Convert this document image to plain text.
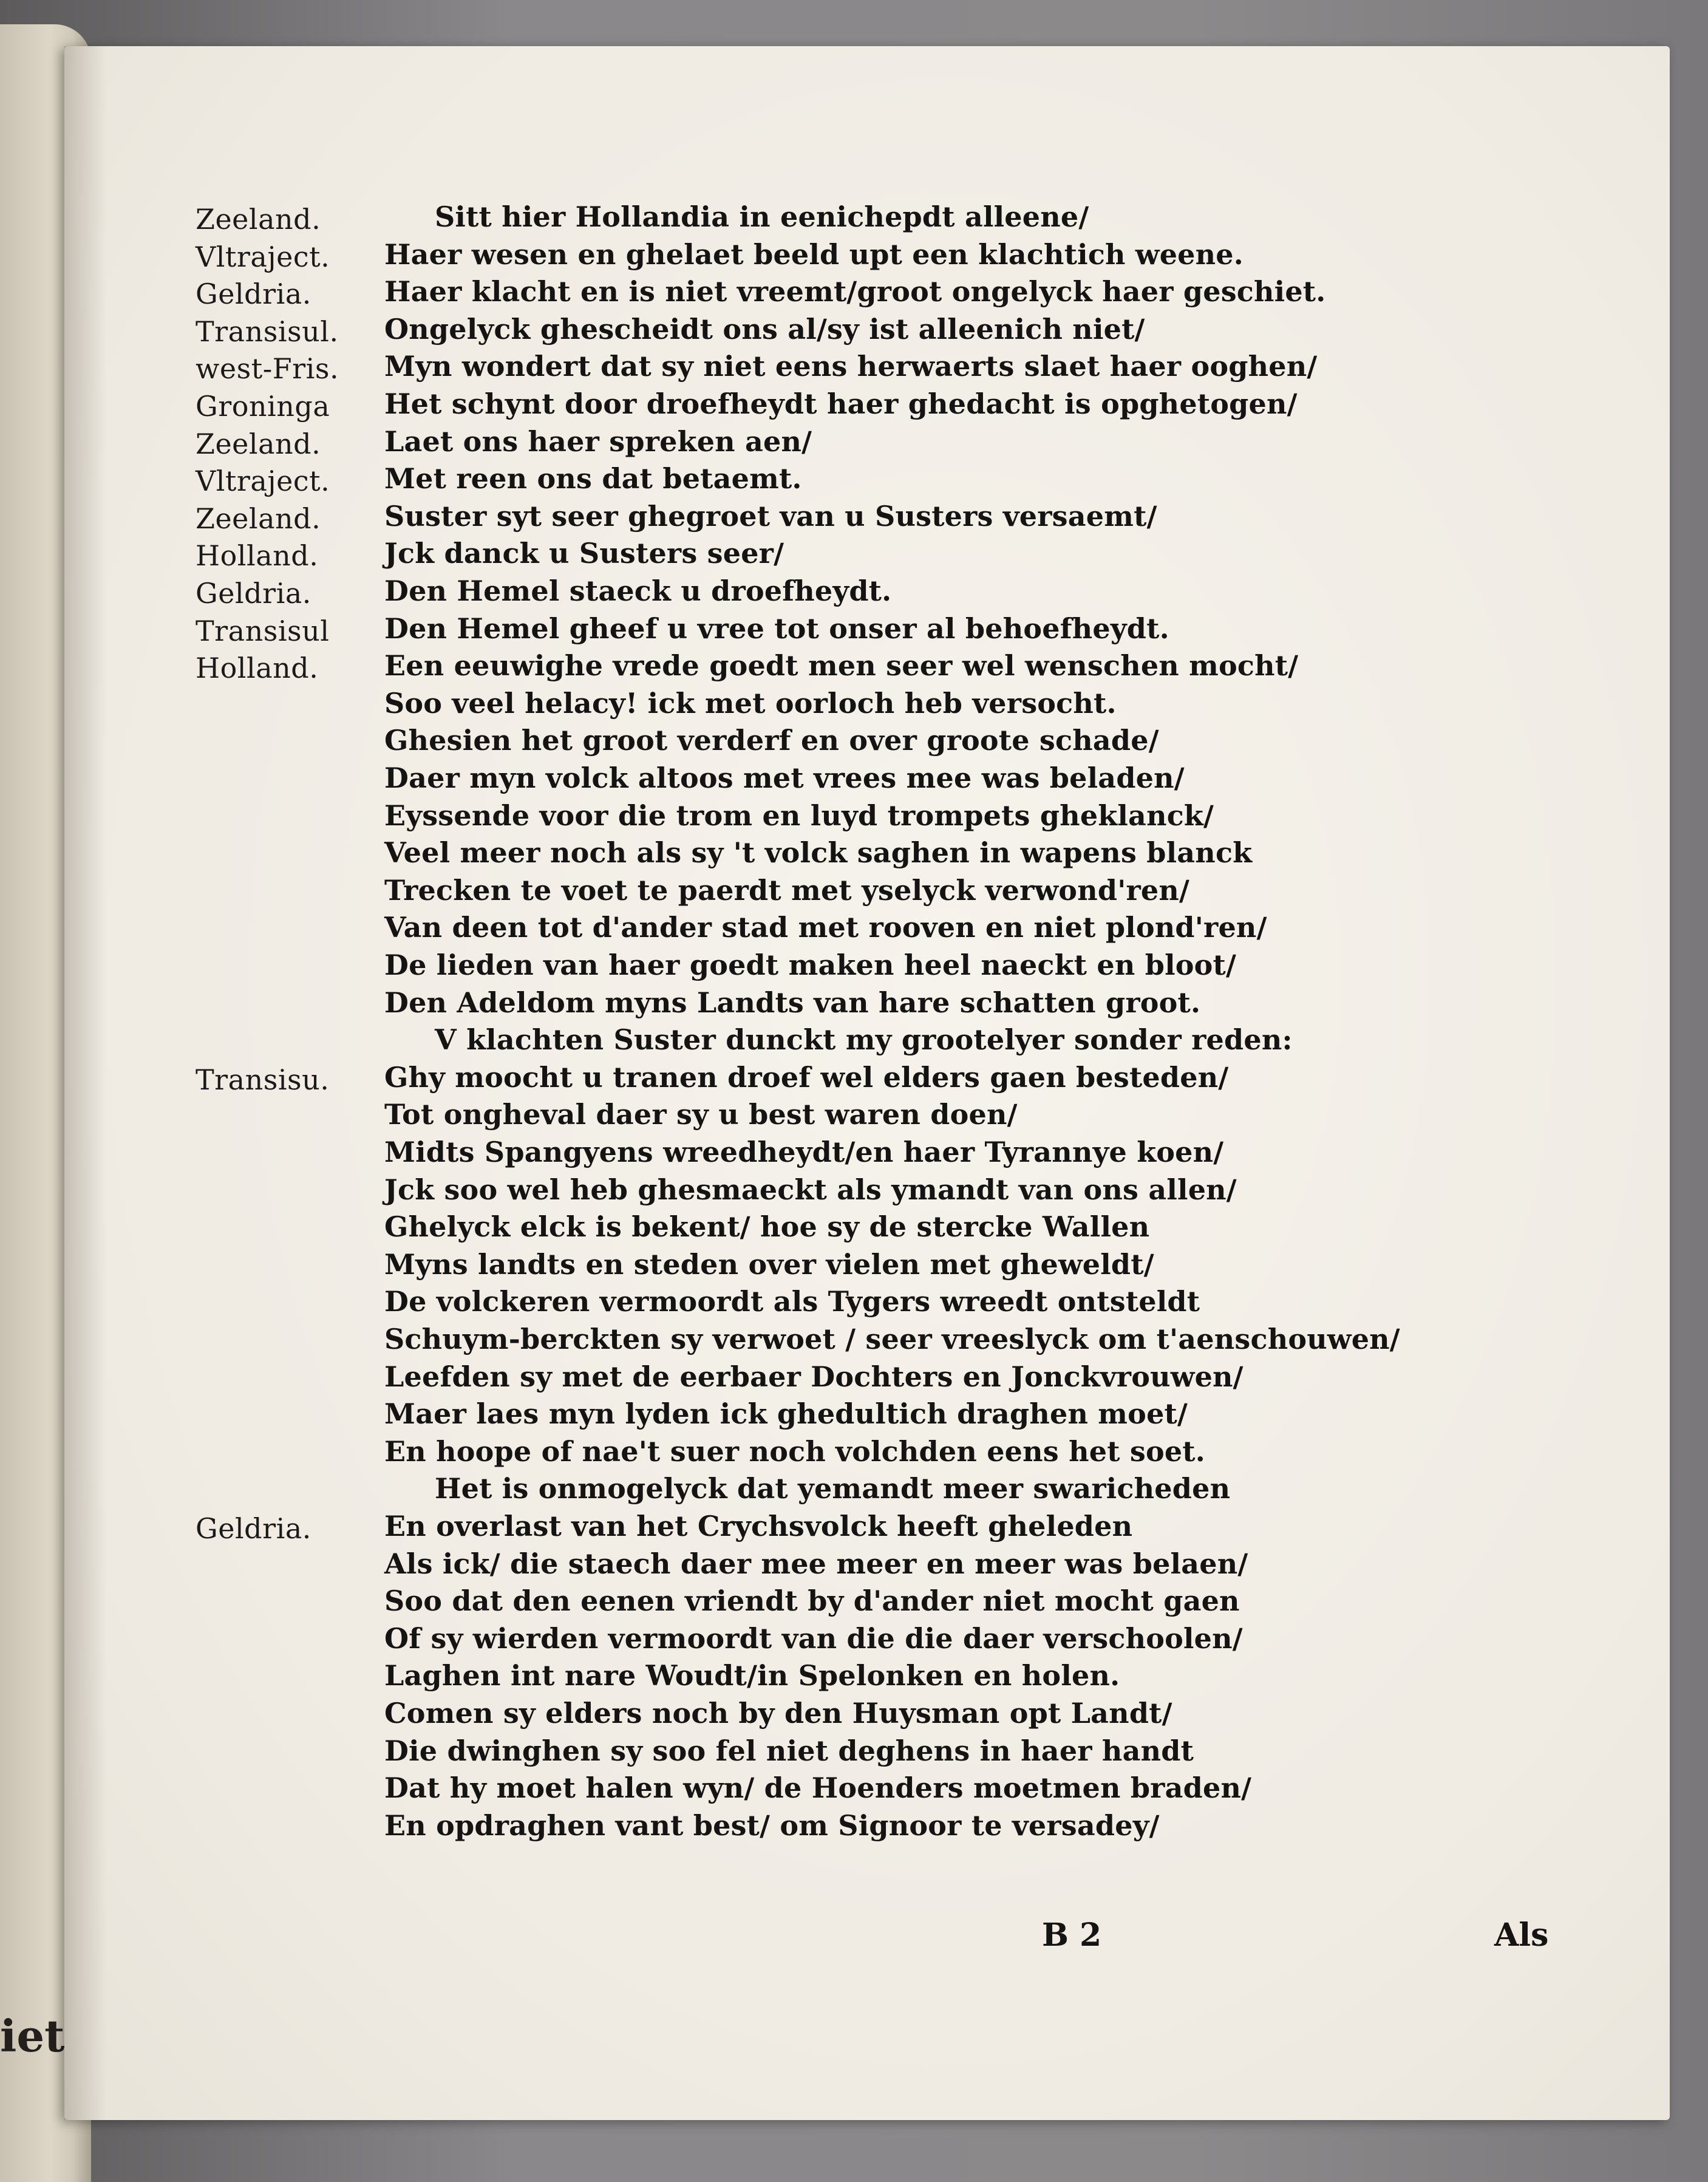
iet
Zeeland.	Sitt hier Hollandia in eenichepdt alleene/
Vltraject. Haer wesen en ghelaet beeld upt een klachtich weene.
Geldria.	Haer klacht en is niet vreemt/groot ongelyck haer geschiet.
Transisul. Ongelyck ghescheidt ons al/sy ist alleenich niet/
west-Fris. Myn wondert dat sy niet eens herwaerts slaet haer ooghen/
Groninga Het schynt door droefheydt haer ghedacht is opghetogen/
Zeeland. Laet ons haer spreken aen/
Vltraject. Met reen ons dat betaemt.
Zeeland. Suster syt seer ghegroet van u Susters versaemt/
Holland. Jck danck u Susters seer/
Geldria.	Den Hemel staeck u droefheydt.
Transisul Den Hemel gheef u vree tot onser al behoefheydt.
Holland. Een eeuwighe vrede goedt men seer wel wenschen mocht/
Soo veel helacy! ick met oorloch heb versocht.
Ghesien het groot verderf en over groote schade/
Daer myn volck altoos met vrees mee was beladen/
Eyssende voor die trom en luyd trompets gheklanck/
Veel meer noch als sy 't volck saghen in wapens blanck
Trecken te voet te paerdt met yselyck verwond'ren/
Van deen tot d'ander stad met rooven en niet plond'ren/
De lieden van haer goedt maken heel naeckt en bloot/
Den Adeldom myns Landts van hare schatten groot.
V klachten Suster dunckt my grootelyer sonder reden:
Transisu. Ghy moocht u tranen droef wel elders gaen besteden/
Tot ongheval daer sy u best waren doen/
Midts Spangyens wreedheydt/en haer Tyrannye koen/
Jck soo wel heb ghesmaeckt als ymandt van ons allen/
Ghelyck elck is bekent/ hoe sy de stercke Wallen
Myns landts en steden over vielen met gheweldt/
De volckeren vermoordt als Tygers wreedt ontsteldt
Schuym-berckten sy verwoet / seer vreeslyck om t'aenschouwen/
Leefden sy met de eerbaer Dochters en Jonckvrouwen/
Maer laes myn lyden ick ghedultich draghen moet/
En hoope of nae't suer noch volchden eens het soet.
Het is onmogelyck dat yemandt meer swaricheden
Geldria.	En overlast van het Crychsvolck heeft gheleden
Als ick/ die staech daer mee meer en meer was belaen/
Soo dat den eenen vriendt by d'ander niet mocht gaen
Of sy wierden vermoordt van die die daer verschoolen/
Laghen int nare Woudt/in Spelonken en holen.
Comen sy elders noch by den Huysman opt Landt/
Die dwinghen sy soo fel niet deghens in haer handt
Dat hy moet halen wyn/ de Hoenders moetmen braden/
En opdraghen vant best/ om Signoor te versadey/
B 2	Als
